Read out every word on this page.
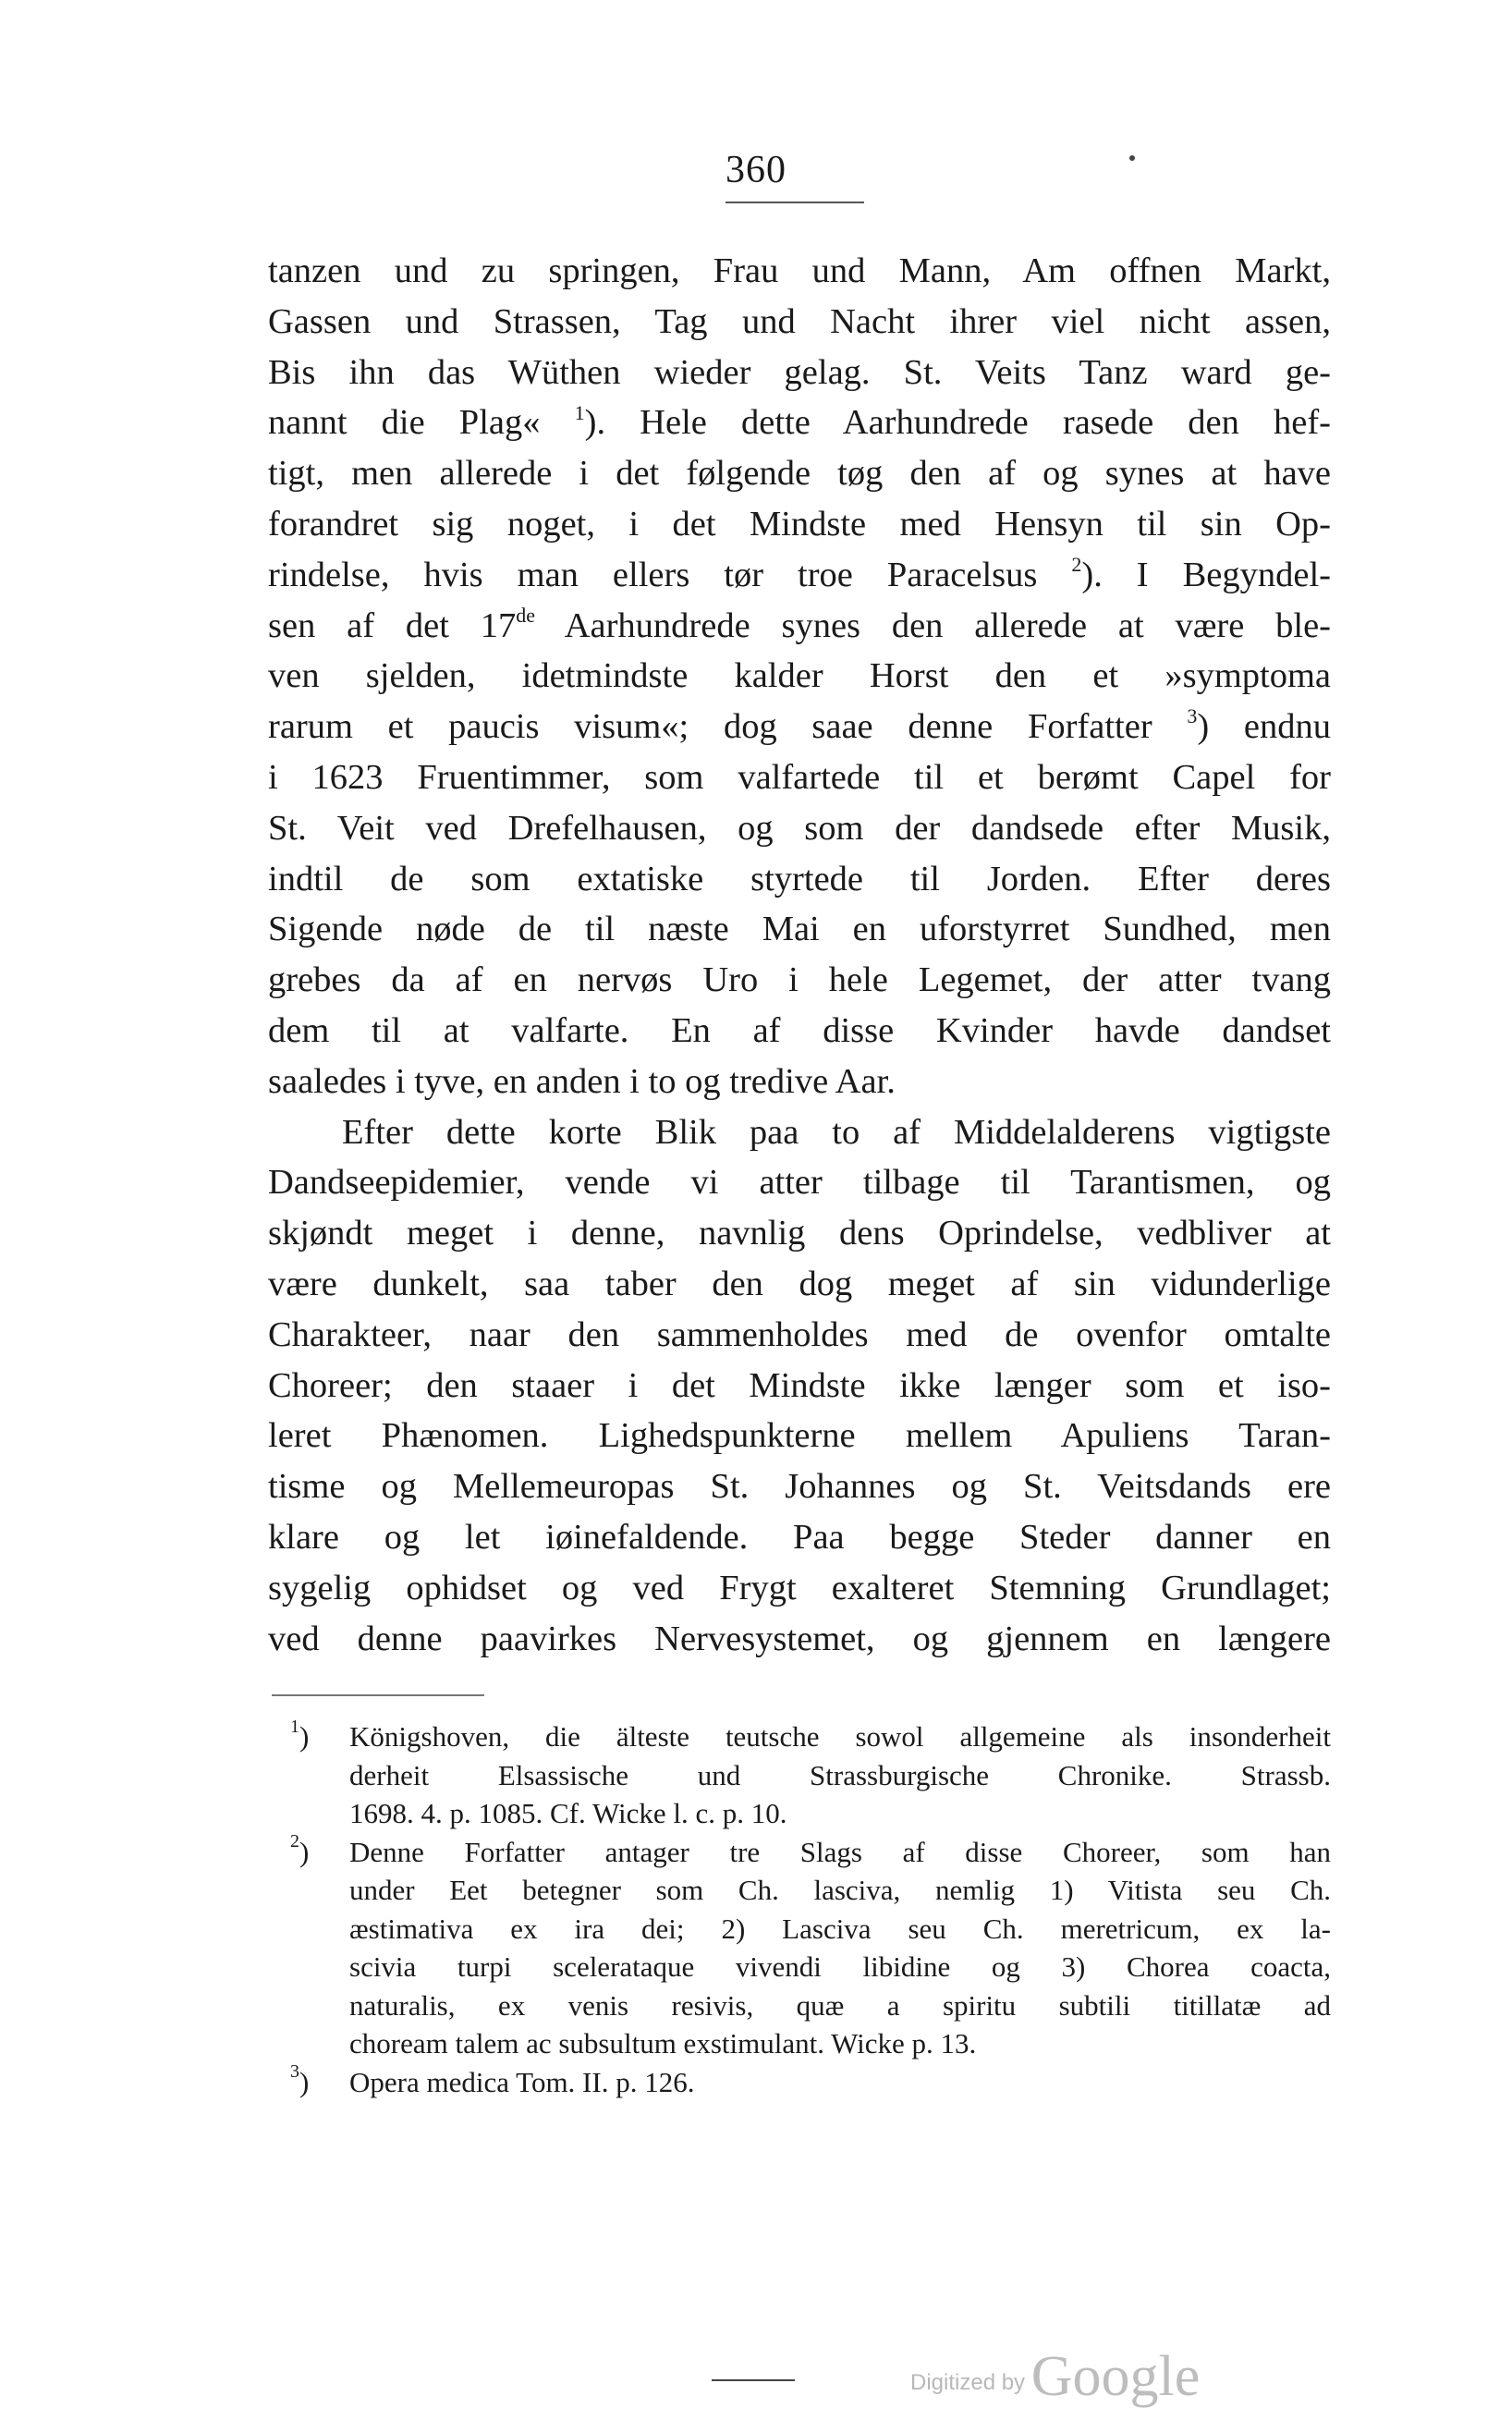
360
tanzen und zu springen, Frau und Mann, Am offnen Markt,
Gassen und Strassen, Tag und Nacht ihrer viel nicht assen,
Bis ihn das Wüthen wieder gelag. St. Veits Tanz ward ge-
nannt die Plag« $^1$). Hele dette Aarhundrede rasede den hef-
tigt, men allerede i det følgende tøg den af og synes at have
forandret sig noget, i det Mindste med Hensyn til sin Op-
rindelse, hvis man ellers tør troe Paracelsus $^2$). I Begyndel-
sen af det 17de Aarhundrede synes den allerede at være ble-
ven sjelden, idetmindste kalder Horst den et »symptoma
rarum et paucis visum«; dog saae denne Forfatter $^3$) endnu
i 1623 Fruentimmer, som valfartede til et berømt Capel for
St. Veit ved Drefelhausen, og som der dandsede efter Musik,
indtil de som extatiske styrtede til Jorden. Efter deres
Sigende nøde de til næste Mai en uforstyrret Sundhed, men
grebes da af en nervøs Uro i hele Legemet, der atter tvang
dem til at valfarte. En af disse Kvinder havde dandset
saaledes i tyve, en anden i to og tredive Aar.
Efter dette korte Blik paa to af Middelalderens vigtigste
Dandseepidemier, vende vi atter tilbage til Tarantismen, og
skjøndt meget i denne, navnlig dens Oprindelse, vedbliver at
være dunkelt, saa taber den dog meget af sin vidunderlige
Charakteer, naar den sammenholdes med de ovenfor omtalte
Choreer; den staaer i det Mindste ikke længer som et iso-
leret Phænomen. Lighedspunkterne mellem Apuliens Taran-
tisme og Mellemeuropas St. Johannes og St. Veitsdands ere
klare og let iøinefaldende. Paa begge Steder danner en
sygelig ophidset og ved Frygt exalteret Stemning Grundlaget;
ved denne paavirkes Nervesystemet, og gjennem en længere
$^1$) Königshoven, die älteste teutsche sowol allgemeine als insonderheit
derheit Elsassische und Strassburgische Chronike. Strassb.
1698. 4. p. 1085. Cf. Wicke l. c. p. 10.
$^2$) Denne Forfatter antager tre Slags af disse Choreer, som han
under Eet betegner som Ch. lasciva, nemlig 1) Vitista seu Ch.
æstimativa ex ira dei; 2) Lasciva seu Ch. meretricum, ex la-
scivia turpi scelerataque vivendi libidine og 3) Chorea coacta,
naturalis, ex venis resivis, quæ a spiritu subtili titillatæ ad
choream talem ac subsultum exstimulant. Wicke p. 13.
$^3$) Opera medica Tom. II. p. 126.
Digitized by Google
